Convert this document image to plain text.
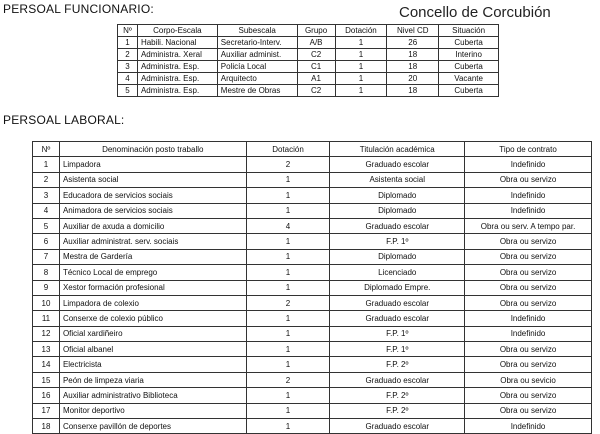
PERSOAL FUNCIONARIO:	Concello de Corcubión
Nº	Corpo-Escala	Subescala	Grupo	Dotación	Nivel CD	Situación
1	Habili. Nacional	Secretario-Interv.	A/B	1	26	Cuberta
2	Administra. Xeral	Auxiliar administ.	C2	1	18	Interino
3	Administra. Esp.	Policía Local	C1	1	18	Cuberta
4	Administra. Esp.	Arquitecto	A1	1	20	Vacante
5	Administra. Esp.	Mestre de Obras	C2	1	18	Cuberta
PERSOAL LABORAL:
Nº	Denominación posto traballo	Dotación	Titulación académica	Tipo de contrato
1	Limpadora	2	Graduado escolar	Indefinido
2	Asistenta social	1	Asistenta social	Obra ou servizo
3	Educadora de servicios sociais	1	Diplomado	Indefinido
4	Animadora de servicios sociais	1	Diplomado	Indefinido
5	Auxiliar de axuda a domicilio	4	Graduado escolar	Obra ou serv. A tempo par.
6	Auxiliar administrat. serv. sociais	1	F.P. 1º	Obra ou servizo
7	Mestra de Gardería	1	Diplomado	Obra ou servizo
8	Técnico Local de emprego	1	Licenciado	Obra ou servizo
9	Xestor formación profesional	1	Diplomado Empre.	Obra ou servizo
10	Limpadora de colexio	2	Graduado escolar	Obra ou servizo
11	Conserxe de colexio público	1	Graduado escolar	Indefinido
12	Oficial xardiñeiro	1	F.P. 1º	Indefinido
13	Oficial albanel	1	F.P. 1º	Obra ou servizo
14	Electricista	1	F.P. 2º	Obra ou servizo
15	Peón de limpeza viaria	2	Graduado escolar	Obra ou sevicio
16	Auxiliar administrativo Biblioteca	1	F.P. 2º	Obra ou servizo
17	Monitor deportivo	1	F.P. 2º	Obra ou servizo
18	Conserxe pavillón de deportes	1	Graduado escolar	Indefinido
